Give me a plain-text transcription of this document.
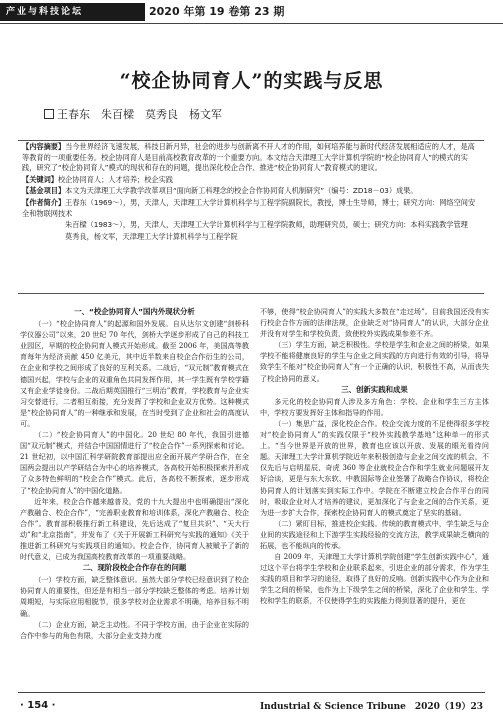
产业与科技论坛	2020 年第 19 卷第 23 期
“校企协同育人”的实践与反思
王春东　朱百樑　莫秀良　杨文军
【内容摘要】当今世界经济飞速发展，科技日新月异，社会的进步与创新离不开人才的作用，如何培养能与新时代经济发展相适应的人才，是高等教育的一项重要任务。校企协同育人是目前高校教育改革的一个重要方向。本文结合天津理工大学计算机学院的“校企协同育人”的模式的实践，研究了“校企协同育人”模式的现状和存在的问题，提出深化校企合作、推进“校企协同育人”教育模式的建议。
【关键词】校企协同育人；人才培养；校企实践
【基金项目】本文为天津理工大学教学改革项目“面向新工科理念的校企合作协同育人机制研究”（编号：ZD18－03）成果。
【作者简介】王春东（1969～），男，天津人，天津理工大学计算机科学与工程学院副院长，教授，博士生导师，博士；研究方向：网络空间安全和物联网技术
朱百樑（1983～），男，天津人，天津理工大学计算机科学与工程学院教师，助理研究员，硕士；研究方向：本科实践教学管理
莫秀良，杨文军，天津理工大学计算机科学与工程学院
一、“校企协同育人”国内外现状分析

（一）“校企协同育人”的起源和国外发展。自从达尔文创建“剑桥科学仪器公司”以来，20 世纪 70 年代，剑桥大学逐步形成了自己的科技工业园区，早期的校企协同育人模式开始形成。截至 2006 年，美国高等教育每年为经济贡献 450 亿美元，其中近半数来自校企合作衍生的公司，在企业和学校之间形成了良好的互利关系。二战后，“双元制”教育模式在德国兴起，学校与企业的双重角色共同发挥作用，其一学生既有学校学籍又有企业学徒身份。二战后期英国推行“三明治”教育，学校教育与企业实习交替进行，二者相互衔接，充分发挥了学校和企业双方优势。这种模式是“校企协同育人”的一种继承和发展，在当时受到了企业和社会的高度认可。

（二）“校企协同育人”的中国化。20 世纪 80 年代，我国引进德国“双元制”模式，并结合中国国情进行了“校企合作”一系列探索和讨论。21 世纪初，以中国汇科学研院教育部提出应全面开展产学研合作，在全国两会提出以产学研结合为中心的培养模式，各高校开始积极探索并形成了众多特色鲜明的“校企合作”模式。此后，各高校不断探索，逐步形成了“校企协同育人”的中国化道路。

近年来，校企合作越来越普及，党的十九大提出中也明确提出“深化产教融合、校企合作”，“完善职业教育和培训体系，深化产教融合、校企合作”。教育部积极推行新工科建设，先后达成了“复旦共识”、“天大行动”和“北京指南”，并发布了《关于开展新工科研究与实践的通知》《关于推进新工科研究与实践项目的通知》。校企合作，协同育人被赋予了新的时代意义，已成为我国高校教育改革的一项重要战略。

二、现阶段校企合作存在的问题

（一）学校方面，缺乏整体意识。虽然大部分学校已经意识到了校企协同育人的重要性，但还是有相当一部分学校缺乏整体的考虑。培养计划周期短，与实际应用相脱节，很多学校对企业需求不明确，培养目标不明确。

（二）企业方面，缺乏主动性。不同于学校方面，由于企业在实际的合作中参与的角色有限，大部分企业支持力度

不够，使得“校企协同育人”的实践大多数在“走过场”。目前我国还没有实行校企合作方面的法律法规，企业缺乏对“协同育人”的认识，大部分企业并没有对学生和学校负责，致使校外实践成果参差不齐。

（三）学生方面，缺乏积极性。学校是学生和企业之间的桥梁，如果学校不能将健康良好的学生与企业之间实践的方向进行有效的引导，将导致学生不能对“校企协同育人”有一个正确的认识，积极性不高，从而丧失了校企协同的意义。

三、创新实践和成果

多元化的校企协同育人涉及多方角色：学校、企业和学生三方主体中，学校方要发挥好主体和指导的作用。

（一）集思广益，深化校企合作。校企交流力度的不足使得很多学校对“校企协同育人”的实践仅限于“校外实践教学基地”这种单一的形式上。“当今世界是开放的世界，教育也应该以开放、发展的眼光看待问题。天津理工大学计算机学院近年来积极创造与企业之间交流的机会，不仅先后与启明星辰、奇虎 360 等企业就校企合作和学生就业问题展开友好洽谈，更是与东大东软、中教国际等企业签署了战略合作协议，将校企协同育人的计划落实到实际工作中。学院在不断建立校企合作平台的同时，吸取企业对人才培养的建议，更加深化了与企业之间的合作关系，更为进一步扩大合作，探索校企协同育人的模式奠定了坚实的基础。

（二）紧盯目标，推进校企实践。传统的教育模式中，学生缺乏与企业间的实践途径和上下游学生实践经验的交流方法，教学成果缺乏横向的拓展，也不能纵向的传承。

自 2009 年，天津理工大学计算机学院创建“学生创新实践中心”，通过这个平台将学生学校和企业联系起来，引进企业的部分需求，作为学生实践的项目和学习的途径，取得了良好的反响。创新实践中心作为企业和学生之间的桥梁，也作为上下级学生之间的桥梁，深化了企业和学生、学校和学生的联系，不仅使得学生的实践能力得到显著的提升，更在

· 154 ·	Industrial & Science Tribune　2020（19）23
